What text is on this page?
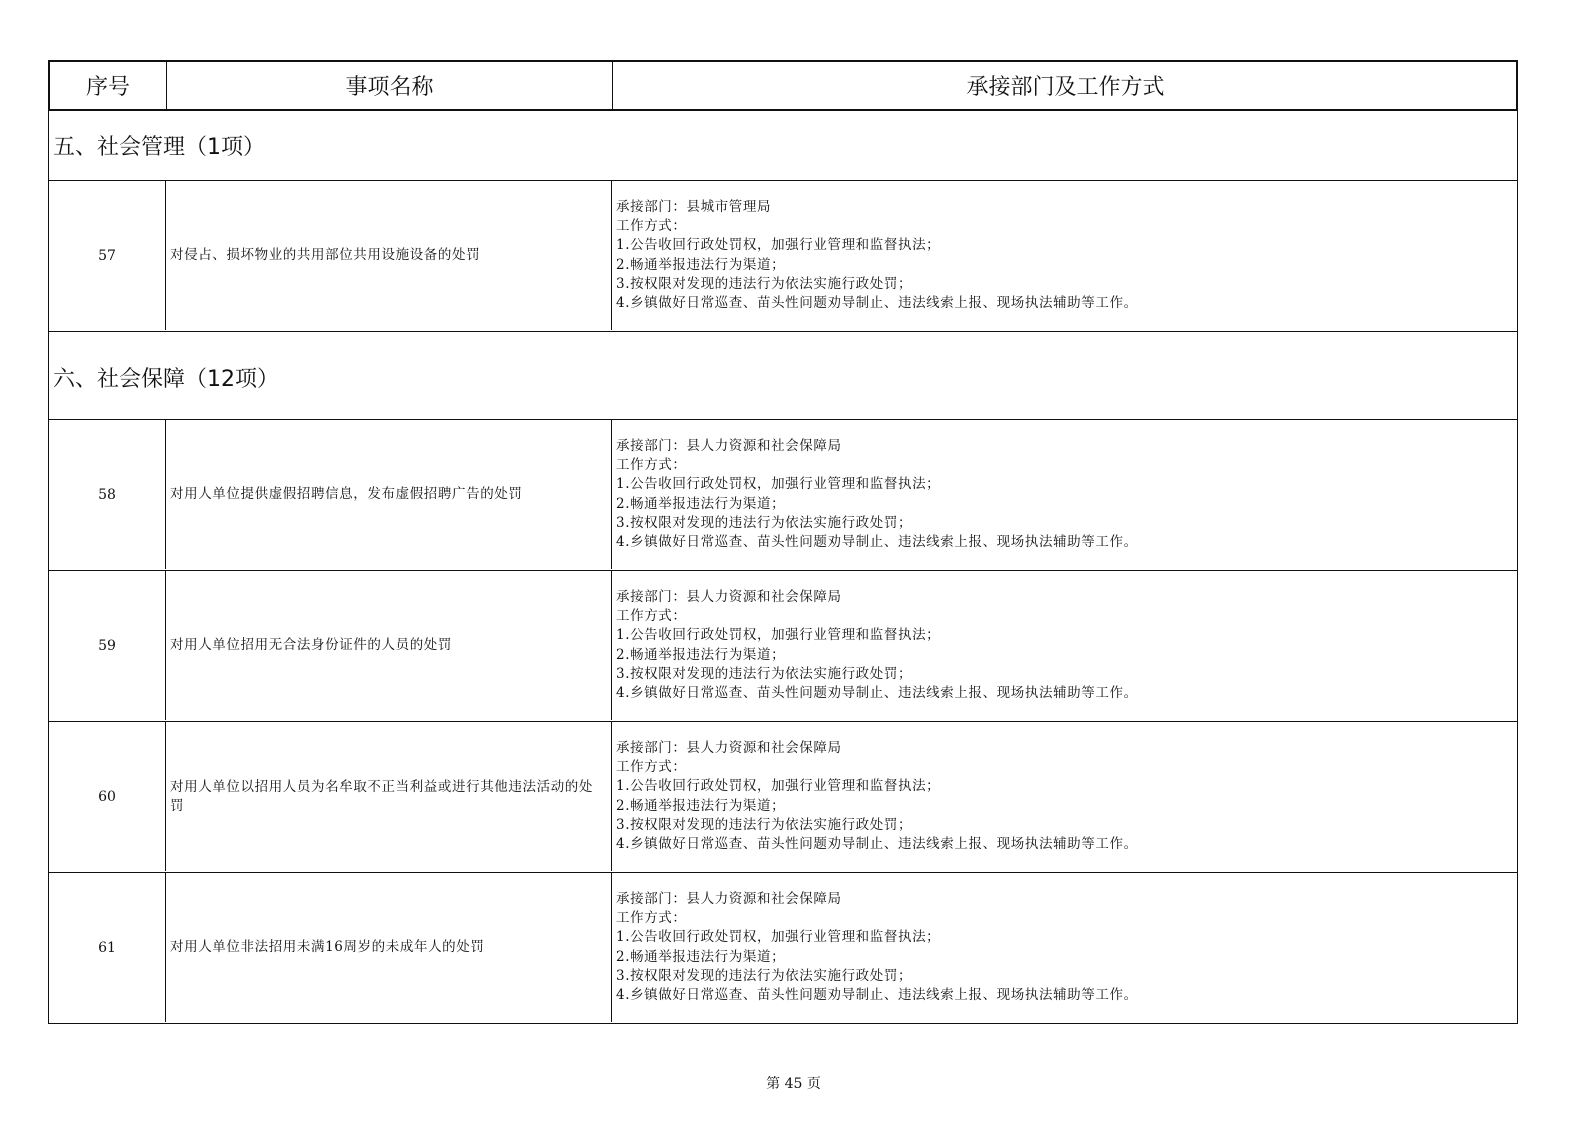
序号	事项名称	承接部门及工作方式
五、社会管理（1项）
57	对侵占、损坏物业的共用部位共用设施设备的处罚
承接部门：县城市管理局
工作方式：
1.公告收回行政处罚权，加强行业管理和监督执法；
2.畅通举报违法行为渠道；
3.按权限对发现的违法行为依法实施行政处罚；
4.乡镇做好日常巡查、苗头性问题劝导制止、违法线索上报、现场执法辅助等工作。
六、社会保障（12项）
58	对用人单位提供虚假招聘信息，发布虚假招聘广告的处罚
承接部门：县人力资源和社会保障局
工作方式：
1.公告收回行政处罚权，加强行业管理和监督执法；
2.畅通举报违法行为渠道；
3.按权限对发现的违法行为依法实施行政处罚；
4.乡镇做好日常巡查、苗头性问题劝导制止、违法线索上报、现场执法辅助等工作。
59	对用人单位招用无合法身份证件的人员的处罚
承接部门：县人力资源和社会保障局
工作方式：
1.公告收回行政处罚权，加强行业管理和监督执法；
2.畅通举报违法行为渠道；
3.按权限对发现的违法行为依法实施行政处罚；
4.乡镇做好日常巡查、苗头性问题劝导制止、违法线索上报、现场执法辅助等工作。
60
对用人单位以招用人员为名牟取不正当利益或进行其他违法活动的处罚
承接部门：县人力资源和社会保障局
工作方式：
1.公告收回行政处罚权，加强行业管理和监督执法；
2.畅通举报违法行为渠道；
3.按权限对发现的违法行为依法实施行政处罚；
4.乡镇做好日常巡查、苗头性问题劝导制止、违法线索上报、现场执法辅助等工作。
61	对用人单位非法招用未满16周岁的未成年人的处罚
承接部门：县人力资源和社会保障局
工作方式：
1.公告收回行政处罚权，加强行业管理和监督执法；
2.畅通举报违法行为渠道；
3.按权限对发现的违法行为依法实施行政处罚；
4.乡镇做好日常巡查、苗头性问题劝导制止、违法线索上报、现场执法辅助等工作。
第 45 页
